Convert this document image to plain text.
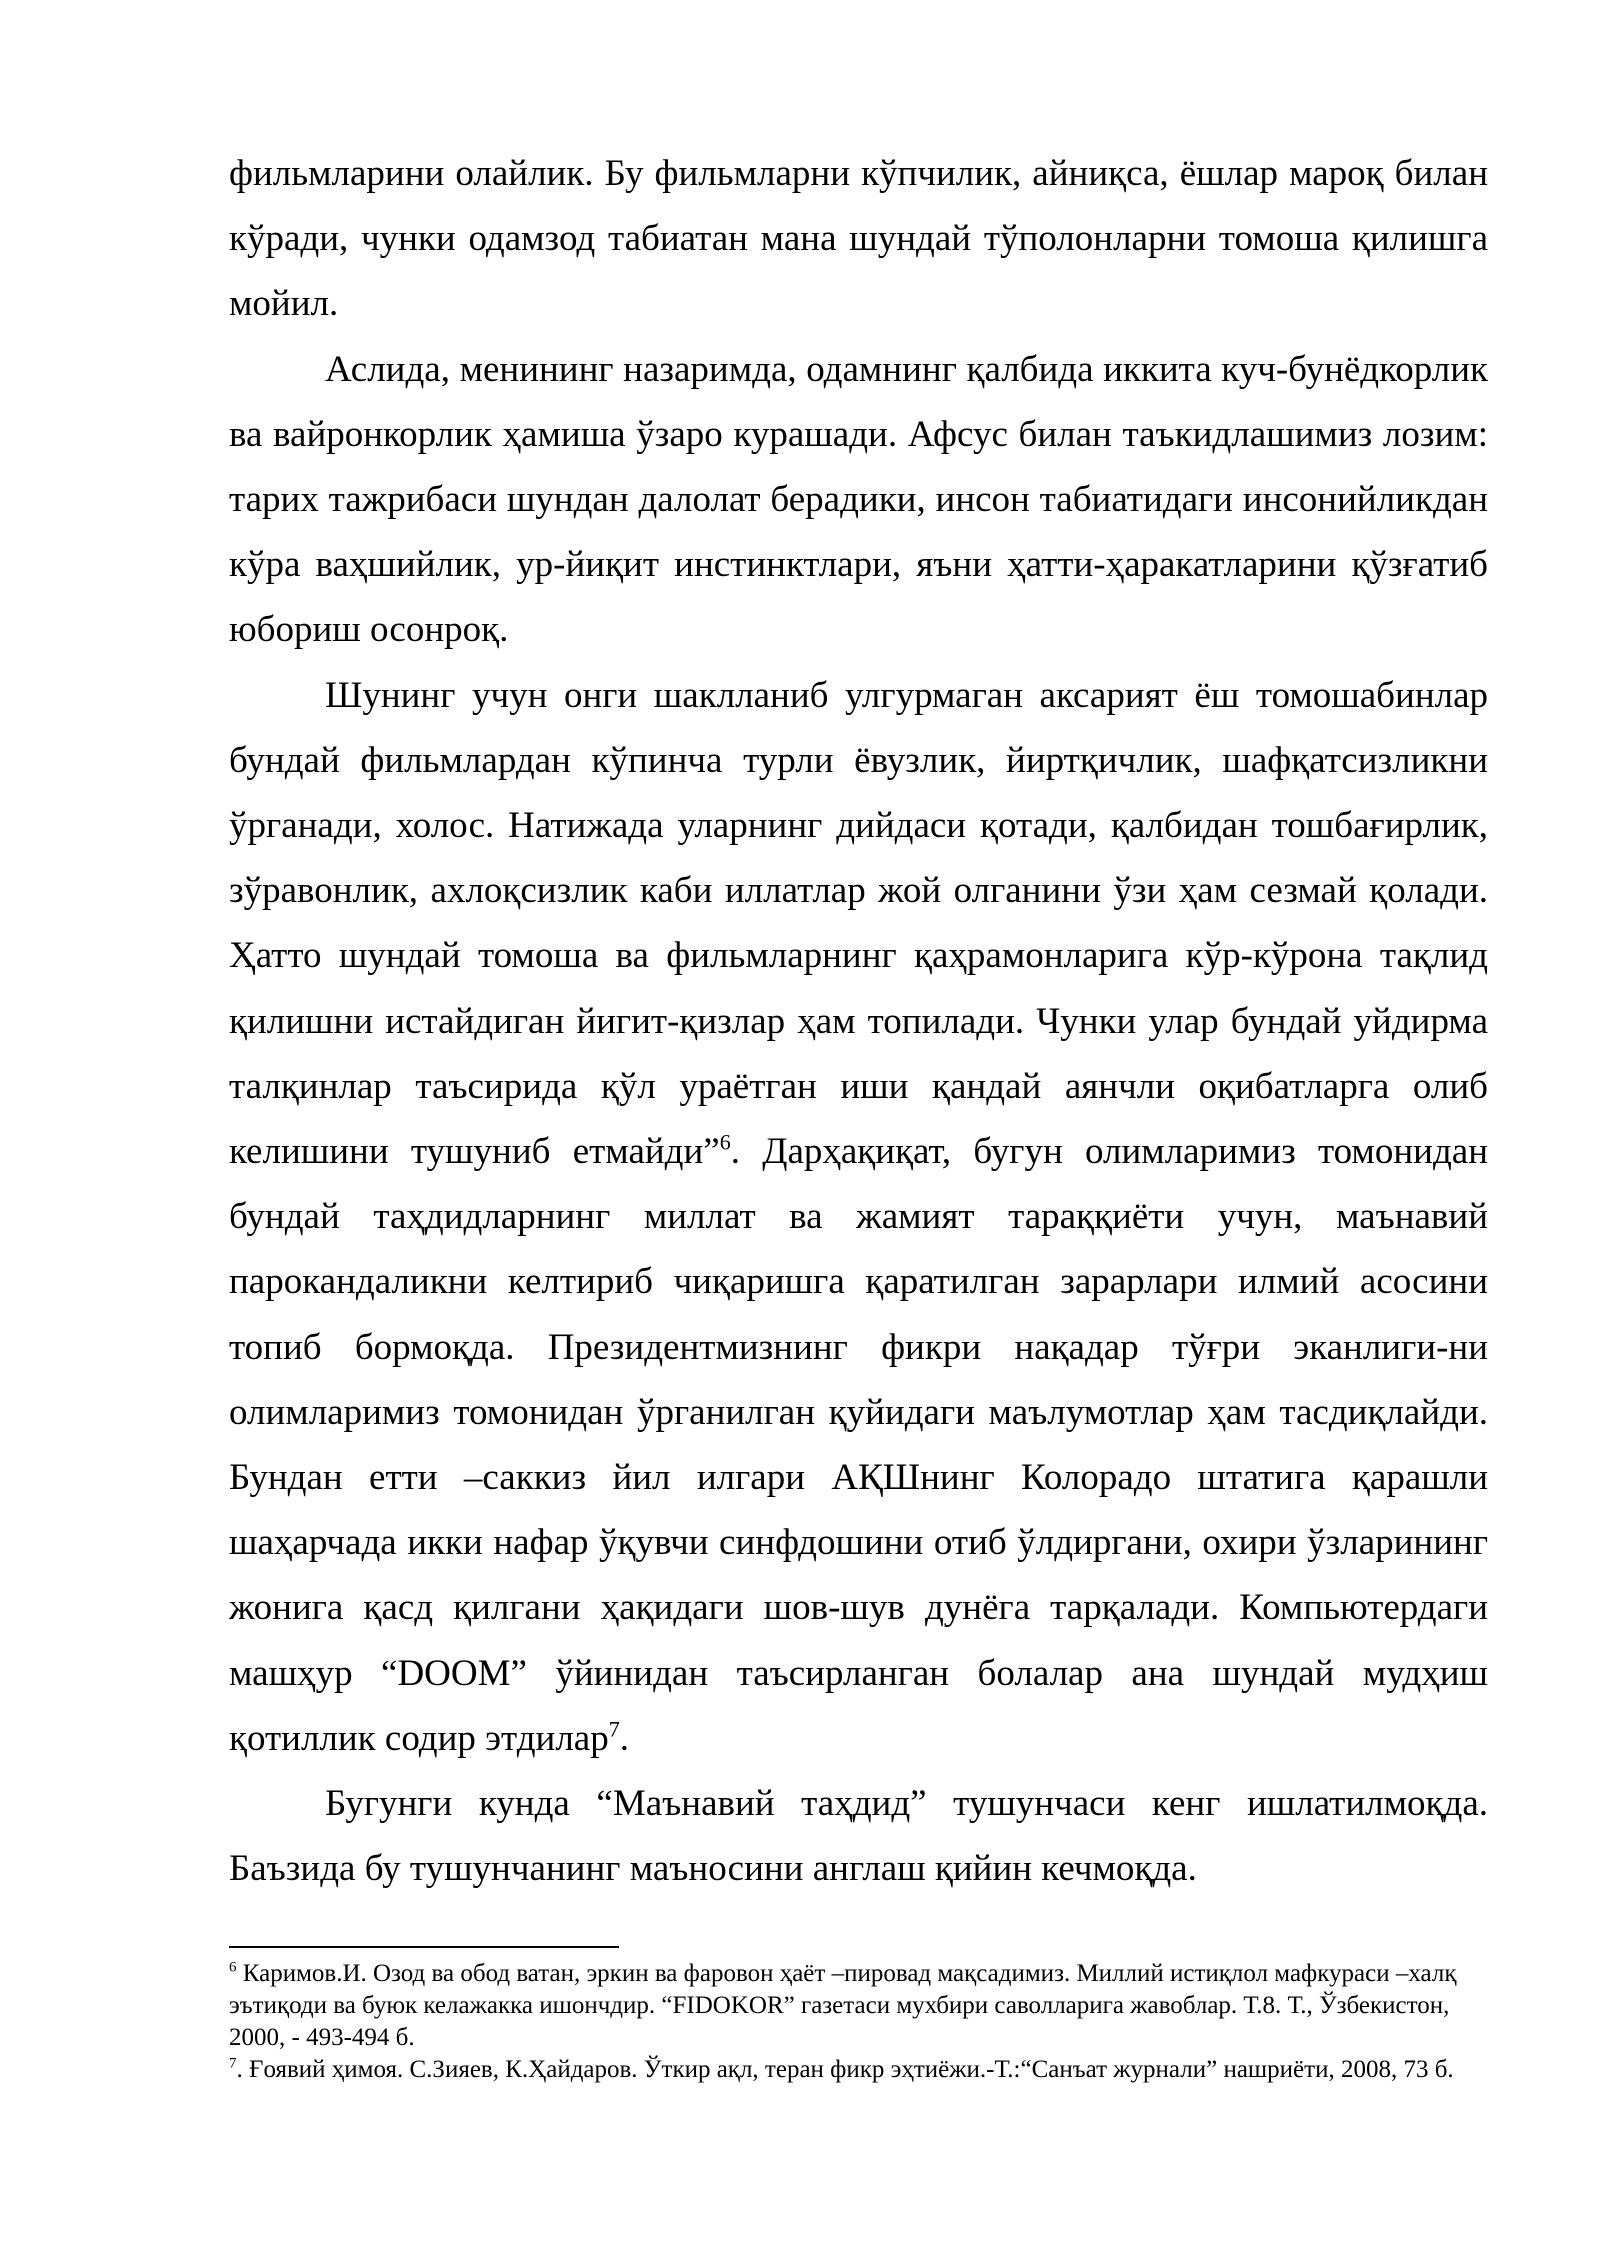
фильмларини олайлик. Бу фильмларни кўпчилик, айниқса, ёшлар мароқ билан кўради, чунки одамзод табиатан мана шундай тўполонларни томоша қилишга мойил.

Аслида, менининг назаримда, одамнинг қалбида иккита куч-бунёдкорлик ва вайронкорлик ҳамиша ўзаро курашади. Афсус билан таъкидлашимиз лозим: тарих тажрибаси шундан далолат берадики, инсон табиатидаги инсонийликдан кўра ваҳшийлик, ур-йиқит инстинктлари, яъни ҳатти-ҳаракатларини қўзғатиб юбориш осонроқ.

Шунинг учун онги шаклланиб улгурмаган аксарият ёш томошабинлар бундай фильмлардан кўпинча турли ёвузлик, йиртқичлик, шафқатсизликни ўрганади, холос. Натижада уларнинг дийдаси қотади, қалбидан тошбағирлик, зўравонлик, ахлоқсизлик каби иллатлар жой олганини ўзи ҳам сезмай қолади. Ҳатто шундай томоша ва фильмларнинг қаҳрамонларига кўр-кўрона тақлид қилишни истайдиган йигит-қизлар ҳам топилади. Чунки улар бундай уйдирма талқинлар таъсирида қўл ураётган иши қандай аянчли оқибатларга олиб келишини тушуниб етмайди”$^6$. Дарҳақиқат, бугун олимларимиз томонидан бундай таҳдидларнинг миллат ва жамият тараққиёти учун, маънавий парокандаликни келтириб чиқаришга қаратилган зарарлари илмий асосини топиб бормоқда. Президентмизнинг фикри нақадар тўғри эканлиги-ни олимларимиз томонидан ўрганилган қуйидаги маълумотлар ҳам тасдиқлайди. Бундан етти –саккиз йил илгари АҚШнинг Колорадо штатига қарашли шаҳарчада икки нафар ўқувчи синфдошини отиб ўлдиргани, охири ўзларининг жонига қасд қилгани ҳақидаги шов-шув дунёга тарқалади. Компьютердаги машҳур “DOOM” ўйинидан таъсирланган болалар ана шундай мудҳиш қотиллик содир этдилар$^7$.

Бугунги кунда “Маънавий таҳдид” тушунчаси кенг ишлатилмоқда. Баъзида бу тушунчанинг маъносини англаш қийин кечмоқда.

$^6$ Каримов.И. Озод ва обод ватан, эркин ва фаровон ҳаёт –пировад мақсадимиз. Миллий истиқлол мафкураси –халқ эътиқоди ва буюк келажакка ишончдир. “FIDOKOR” газетаси мухбири саволларига жавоблар. Т.8. Т., Ўзбекистон, 2000, - 493-494 б.

$^7$. Ғоявий ҳимоя. С.Зияев, К.Ҳайдаров. Ўткир ақл, теран фикр эҳтиёжи.-Т.:“Санъат журнали” нашриёти, 2008, 73 б.
